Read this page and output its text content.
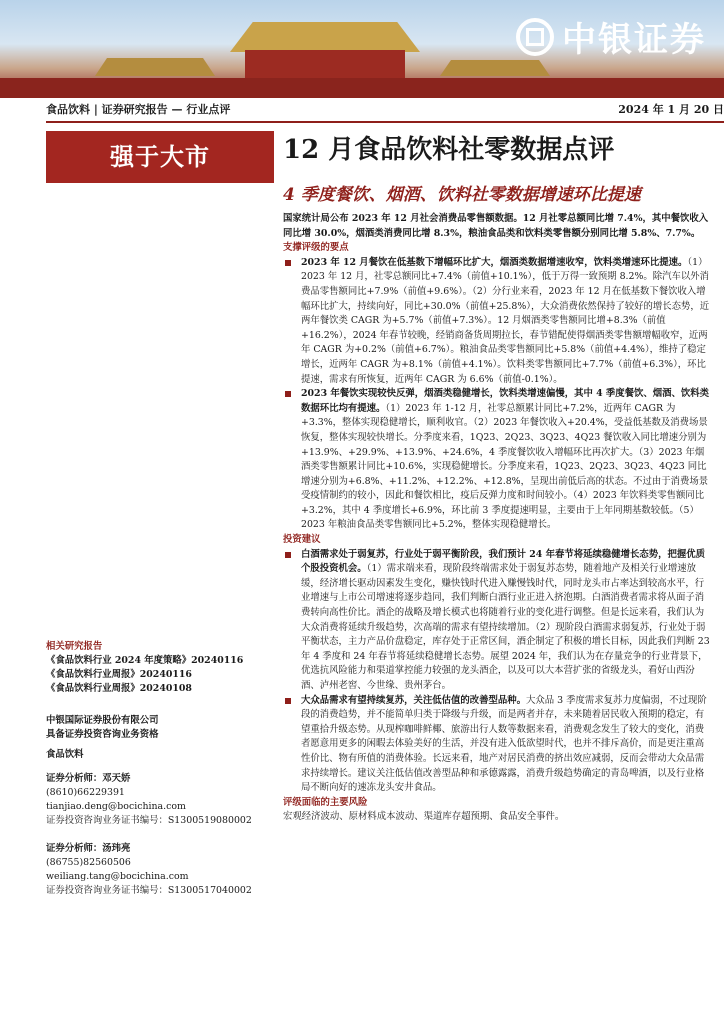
中银证券
食品饮料 | 证券研究报告 — 行业点评	2024 年 1 月 20 日
强于大市	12 月食品饮料社零数据点评
4 季度餐饮、烟酒、饮料社零数据增速环比提速

国家统计局公布 2023 年 12 月社会消费品零售额数据。12 月社零总额同比增 7.4%，其中餐饮收入同比增 30.0%，烟酒类消费同比增 8.3%，粮油食品类和饮料类零售额分别同比增 5.8%、7.7%。

支撑评级的要点

2023 年 12 月餐饮在低基数下增幅环比扩大，烟酒类数据增速收窄，饮料类增速环比提速。（1）2023 年 12 月，社零总额同比+7.4%（前值+10.1%），低于万得一致预期 8.2%。除汽车以外消费品零售额同比+7.9%（前值+9.6%）。（2）分行业来看，2023 年 12 月在低基数下餐饮收入增幅环比扩大，持续向好，同比+30.0%（前值+25.8%），大众消费依然保持了较好的增长态势，近两年餐饮类 CAGR 为+5.7%（前值+7.3%）。12 月烟酒类零售额同比增+8.3%（前值+16.2%），2024 年春节较晚，经销商备货周期拉长，春节错配使得烟酒类零售额增幅收窄，近两年 CAGR 为+0.2%（前值+6.7%）。粮油食品类零售额同比+5.8%（前值+4.4%），维持了稳定增长，近两年 CAGR 为+8.1%（前值+4.1%）。饮料类零售额同比+7.7%（前值+6.3%），环比提速，需求有所恢复，近两年 CAGR 为 6.6%（前值-0.1%）。

2023 年餐饮实现较快反弹，烟酒类稳健增长，饮料类增速偏慢，其中 4 季度餐饮、烟酒、饮料类数据环比均有提速。（1）2023 年 1-12 月，社零总额累计同比+7.2%，近两年 CAGR 为+3.3%，整体实现稳健增长，顺利收官。（2）2023 年餐饮收入+20.4%，受益低基数及消费场景恢复，整体实现较快增长。分季度来看，1Q23、2Q23、3Q23、4Q23 餐饮收入同比增速分别为+13.9%、+29.9%、+13.9%、+24.6%，4 季度餐饮收入增幅环比再次扩大。（3）2023 年烟酒类零售额累计同比+10.6%，实现稳健增长。分季度来看，1Q23、2Q23、3Q23、4Q23 同比增速分别为+6.8%、+11.2%、+12.2%、+12.8%，呈现出前低后高的状态。不过由于消费场景受疫情制约的较小，因此和餐饮相比，疫后反弹力度和时间较小。（4）2023 年饮料类零售额同比+3.2%，其中 4 季度增长+6.9%，环比前 3 季度提速明显，主要由于上年同期基数较低。（5）2023 年粮油食品类零售额同比+5.2%，整体实现稳健增长。

投资建议

白酒需求处于弱复苏，行业处于弱平衡阶段，我们预计 24 年春节将延续稳健增长态势，把握优质个股投资机会。（1）需求端来看，现阶段终端需求处于弱复苏态势，随着地产及相关行业增速放缓，经济增长驱动因素发生变化，赚快钱时代进入赚慢钱时代，同时龙头市占率达到较高水平，行业增速与上市公司增速将逐步趋同，我们判断白酒行业正进入挤泡期。白酒消费者需求将从面子消费转向高性价比。酒企的战略及增长模式也将随着行业的变化进行调整。但是长远来看，我们认为大众消费将延续升级趋势，次高端的需求有望持续增加。（2）现阶段白酒需求弱复苏，行业处于弱平衡状态，主力产品价盘稳定，库存处于正常区间，酒企制定了积极的增长目标，因此我们判断 23 年 4 季度和 24 年春节将延续稳健增长态势。展望 2024 年，我们认为在存量竞争的行业背景下，优选抗风险能力和渠道掌控能力较强的龙头酒企，以及可以大本营扩张的省级龙头，看好山西汾酒、泸州老窖、今世缘、贵州茅台。

大众品需求有望持续复苏，关注低估值的改善型品种。大众品 3 季度需求复苏力度偏弱，不过现阶段的消费趋势，并不能简单归类于降级与升级，而是两者并存，未来随着居民收入预期的稳定，有望重拾升级态势。从现榨咖啡鲜椰、旅游出行人数等数据来看，消费观念发生了较大的变化，消费者愿意用更多的闲暇去体验美好的生活，并没有进入低欲望时代，也并不排斥高价，而是更注重高性价比、物有所值的消费体验。长远来看，地产对居民消费的挤出效应减弱，反而会带动大众品需求持续增长。建议关注低估值改善型品种和承德露露，消费升级趋势确定的青岛啤酒，以及行业格局不断向好的速冻龙头安井食品。

评级面临的主要风险

宏观经济波动、原材料成本波动、渠道库存超预期、食品安全事件。

相关研究报告
《食品饮料行业 2024 年度策略》20240116
《食品饮料行业周报》20240116
《食品饮料行业周报》20240108
中银国际证券股份有限公司
具备证券投资咨询业务资格
食品饮料
证券分析师：邓天娇
(8610)66229391
tianjiao.deng@bocichina.com
证券投资咨询业务证书编号：S1300519080002
证券分析师：汤玮亮
(86755)82560506
weiliang.tang@bocichina.com
证券投资咨询业务证书编号：S1300517040002
